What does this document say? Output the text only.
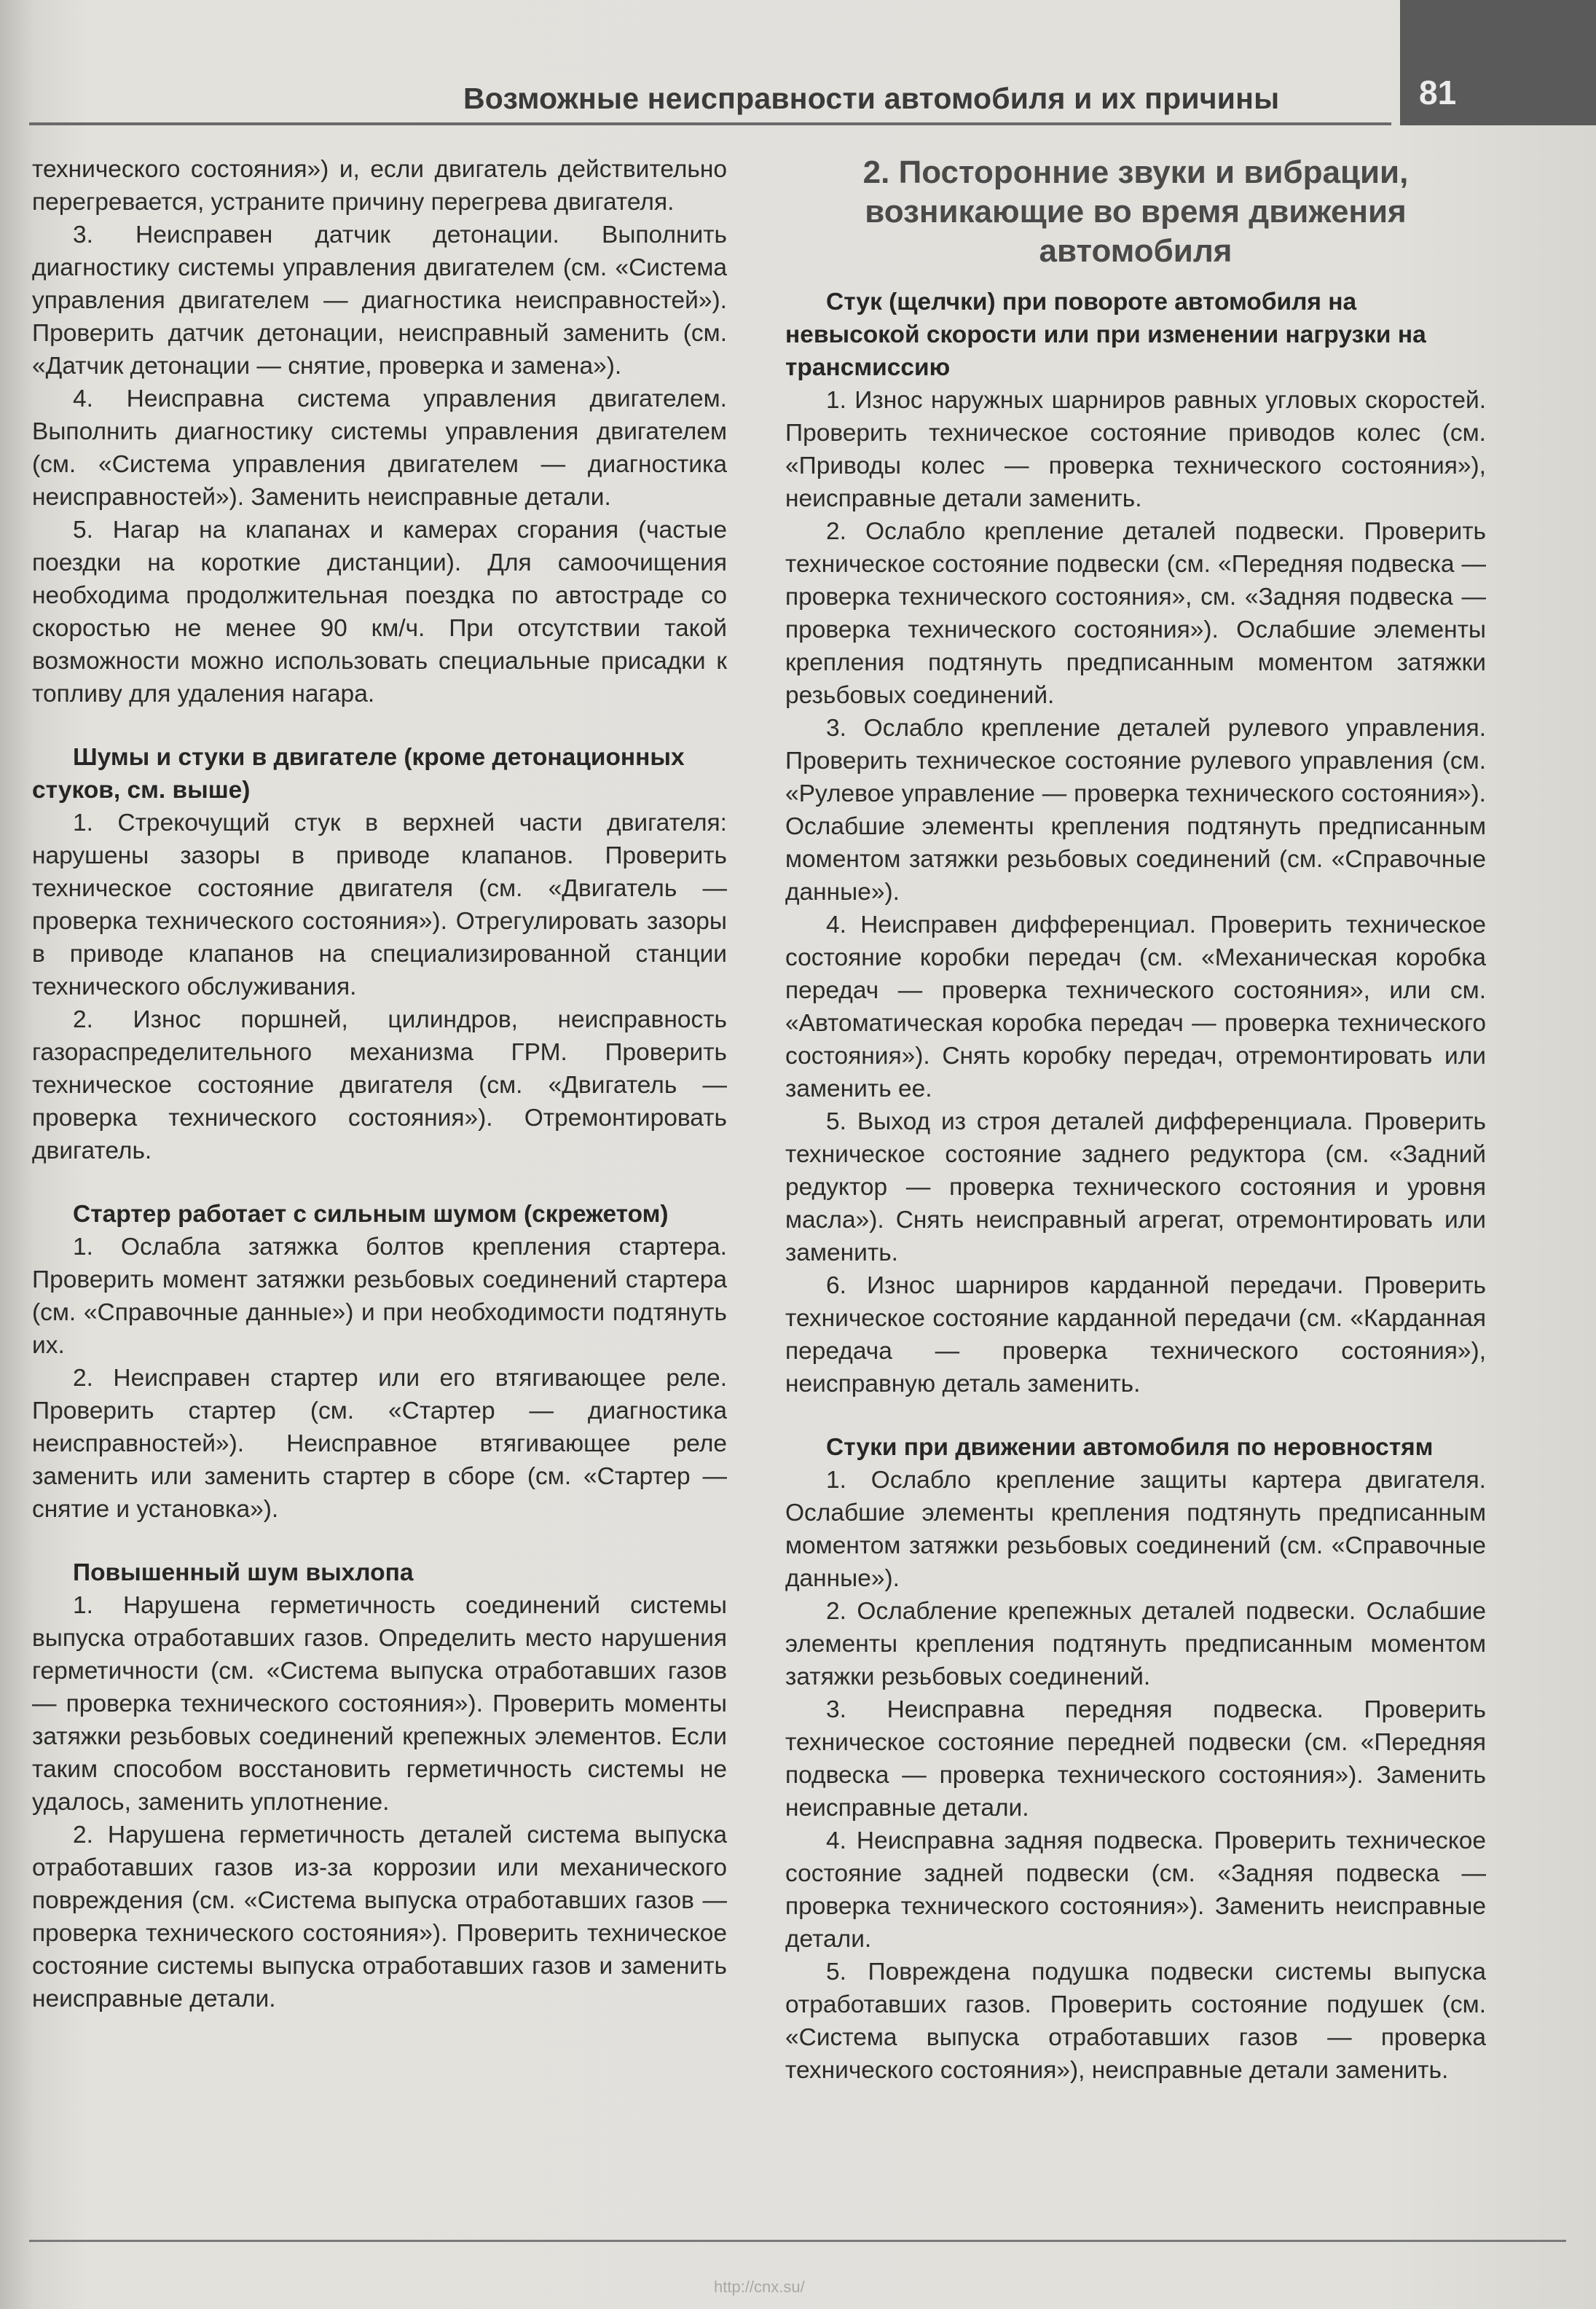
Возможные неисправности автомобиля и их причины	81

технического состояния») и, если двигатель действительно перегревается, устраните причину перегрева двигателя.

3. Неисправен датчик детонации. Выполнить диагностику системы управления двигателем (см. «Система управления двигателем — диагностика неисправностей»). Проверить датчик детонации, неисправный заменить (см. «Датчик детонации — снятие, проверка и замена»).

4. Неисправна система управления двигателем. Выполнить диагностику системы управления двигателем (см. «Система управления двигателем — диагностика неисправностей»). Заменить неисправные детали.

5. Нагар на клапанах и камерах сгорания (частые поездки на короткие дистанции). Для самоочищения необходима продолжительная поездка по автостраде со скоростью не менее 90 км/ч. При отсутствии такой возможности можно использовать специальные присадки к топливу для удаления нагара.

Шумы и стуки в двигателе (кроме детонационных стуков, см. выше)

1. Стрекочущий стук в верхней части двигателя: нарушены зазоры в приводе клапанов. Проверить техническое состояние двигателя (см. «Двигатель — проверка технического состояния»). Отрегулировать зазоры в приводе клапанов на специализированной станции технического обслуживания.

2. Износ поршней, цилиндров, неисправность газораспределительного механизма ГРМ. Проверить техническое состояние двигателя (см. «Двигатель — проверка технического состояния»). Отремонтировать двигатель.

Стартер работает с сильным шумом (скрежетом)

1. Ослабла затяжка болтов крепления стартера. Проверить момент затяжки резьбовых соединений стартера (см. «Справочные данные») и при необходимости подтянуть их.

2. Неисправен стартер или его втягивающее реле. Проверить стартер (см. «Стартер — диагностика неисправностей»). Неисправное втягивающее реле заменить или заменить стартер в сборе (см. «Стартер — снятие и установка»).

Повышенный шум выхлопа

1. Нарушена герметичность соединений системы выпуска отработавших газов. Определить место нарушения герметичности (см. «Система выпуска отработавших газов — проверка технического состояния»). Проверить моменты затяжки резьбовых соединений крепежных элементов. Если таким способом восстановить герметичность системы не удалось, заменить уплотнение.

2. Нарушена герметичность деталей система выпуска отработавших газов из-за коррозии или механического повреждения (см. «Система выпуска отработавших газов — проверка технического состояния»). Проверить техническое состояние системы выпуска отработавших газов и заменить неисправные детали.

2. Посторонние звуки и вибрации, возникающие во время движения автомобиля
Стук (щелчки) при повороте автомобиля на невысокой скорости или при изменении нагрузки на трансмиссию

1. Износ наружных шарниров равных угловых скоростей. Проверить техническое состояние приводов колес (см. «Приводы колес — проверка технического состояния»), неисправные детали заменить.

2. Ослабло крепление деталей подвески. Проверить техническое состояние подвески (см. «Передняя подвеска — проверка технического состояния», см. «Задняя подвеска — проверка технического состояния»). Ослабшие элементы крепления подтянуть предписанным моментом затяжки резьбовых соединений.

3. Ослабло крепление деталей рулевого управления. Проверить техническое состояние рулевого управления (см. «Рулевое управление — проверка технического состояния»). Ослабшие элементы крепления подтянуть предписанным моментом затяжки резьбовых соединений (см. «Справочные данные»).

4. Неисправен дифференциал. Проверить техническое состояние коробки передач (см. «Механическая коробка передач — проверка технического состояния», или см. «Автоматическая коробка передач — проверка технического состояния»). Снять коробку передач, отремонтировать или заменить ее.

5. Выход из строя деталей дифференциала. Проверить техническое состояние заднего редуктора (см. «Задний редуктор — проверка технического состояния и уровня масла»). Снять неисправный агрегат, отремонтировать или заменить.

6. Износ шарниров карданной передачи. Проверить техническое состояние карданной передачи (см. «Карданная передача — проверка технического состояния»), неисправную деталь заменить.

Стуки при движении автомобиля по неровностям

1. Ослабло крепление защиты картера двигателя. Ослабшие элементы крепления подтянуть предписанным моментом затяжки резьбовых соединений (см. «Справочные данные»).

2. Ослабление крепежных деталей подвески. Ослабшие элементы крепления подтянуть предписанным моментом затяжки резьбовых соединений.

3. Неисправна передняя подвеска. Проверить техническое состояние передней подвески (см. «Передняя подвеска — проверка технического состояния»). Заменить неисправные детали.

4. Неисправна задняя подвеска. Проверить техническое состояние задней подвески (см. «Задняя подвеска — проверка технического состояния»). Заменить неисправные детали.

5. Повреждена подушка подвески системы выпуска отработавших газов. Проверить состояние подушек (см. «Система выпуска отработавших газов — проверка технического состояния»), неисправные детали заменить.

http://cnx.su/
